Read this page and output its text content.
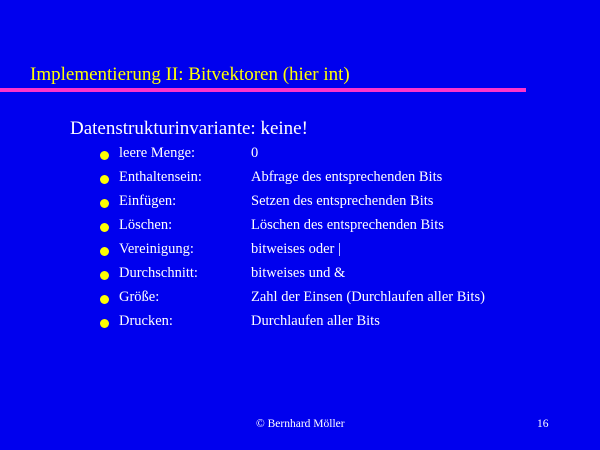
Implementierung II: Bitvektoren (hier int)
Datenstrukturinvariante: keine!
leere Menge:	0
Enthaltensein:	Abfrage des entsprechenden Bits
Einfügen:	Setzen des entsprechenden Bits
Löschen:	Löschen des entsprechenden Bits
Vereinigung:	bitweises oder |
Durchschnitt:	bitweises und &
Größe:	Zahl der Einsen (Durchlaufen aller Bits)
Drucken:	Durchlaufen aller Bits
© Bernhard Möller	16
